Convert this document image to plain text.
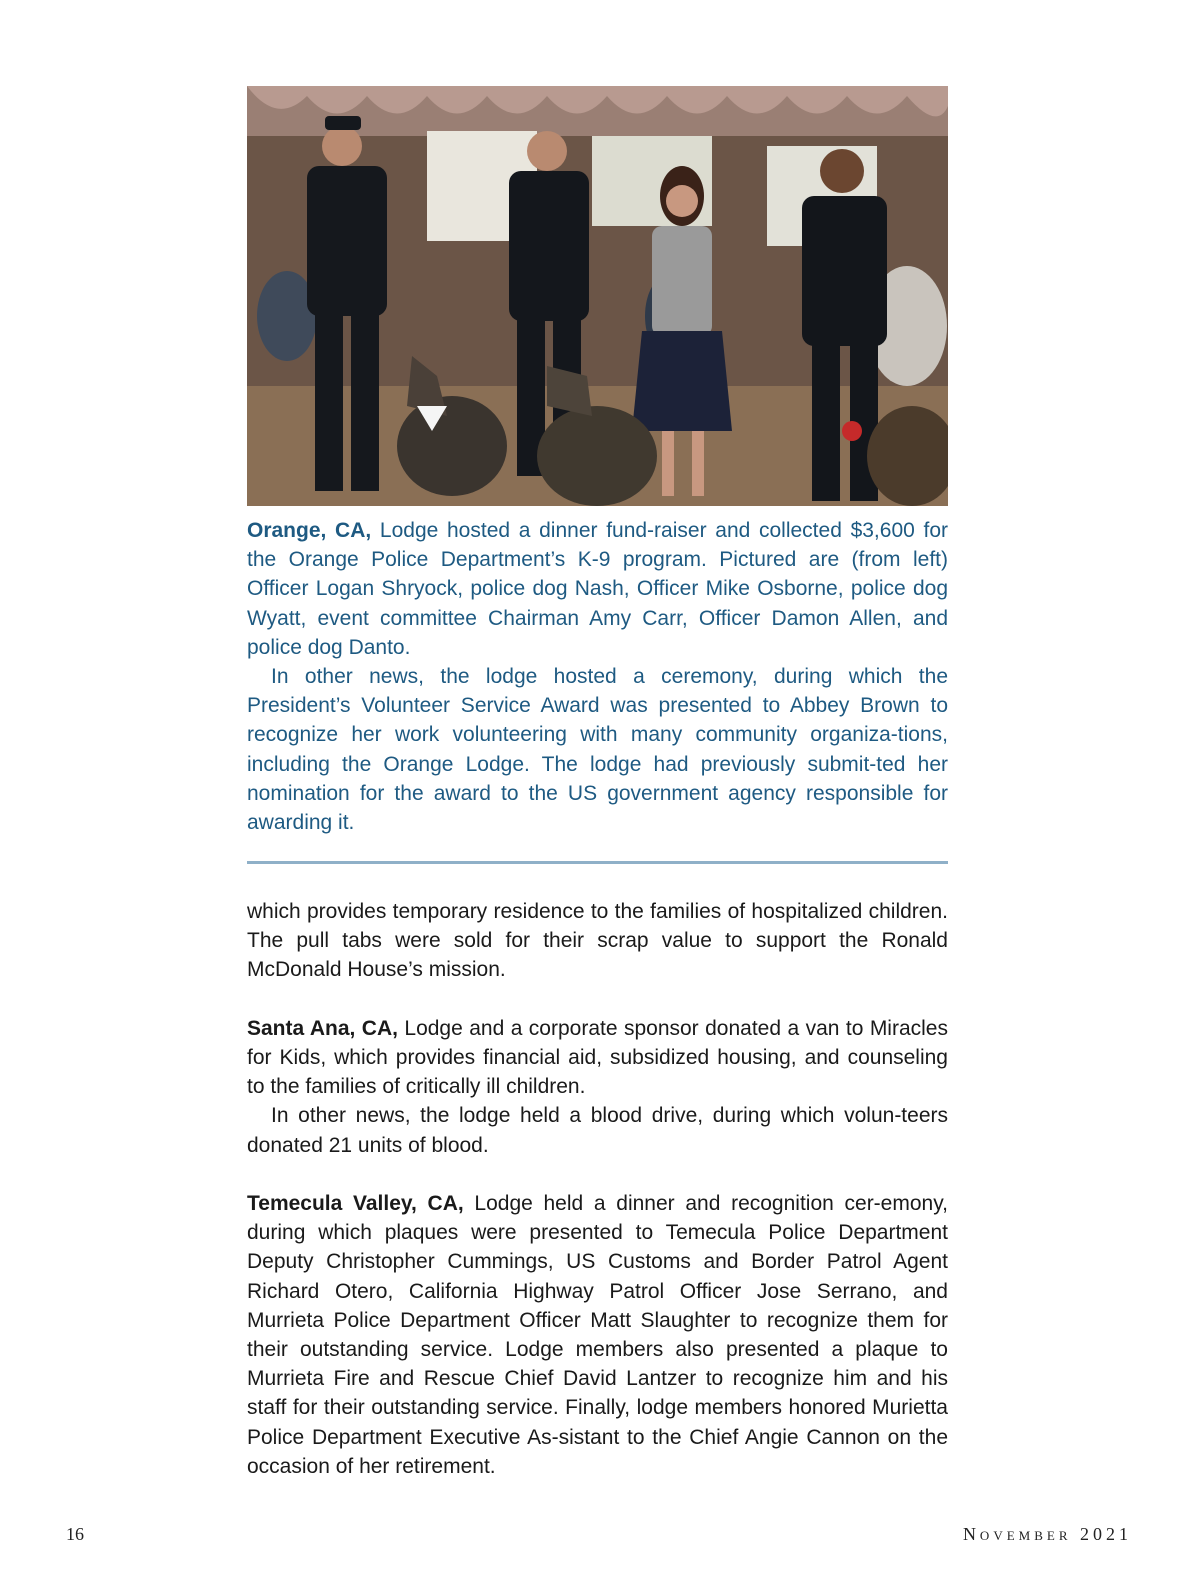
Orange, CA, Lodge hosted a dinner fund-raiser and collected $3,600 for the Orange Police Department’s K-9 program. Pictured are (from left) Officer Logan Shryock, police dog Nash, Officer Mike Osborne, police dog Wyatt, event committee Chairman Amy Carr, Officer Damon Allen, and police dog Danto.

In other news, the lodge hosted a ceremony, during which the President’s Volunteer Service Award was presented to Abbey Brown to recognize her work volunteering with many community organiza-tions, including the Orange Lodge. The lodge had previously submit-ted her nomination for the award to the US government agency responsible for awarding it.

which provides temporary residence to the families of hospitalized children. The pull tabs were sold for their scrap value to support the Ronald McDonald House’s mission.

Santa Ana, CA, Lodge and a corporate sponsor donated a van to Miracles for Kids, which provides financial aid, subsidized housing, and counseling to the families of critically ill children.

In other news, the lodge held a blood drive, during which volun-teers donated 21 units of blood.

Temecula Valley, CA, Lodge held a dinner and recognition cer-emony, during which plaques were presented to Temecula Police Department Deputy Christopher Cummings, US Customs and Border Patrol Agent Richard Otero, California Highway Patrol Officer Jose Serrano, and Murrieta Police Department Officer Matt Slaughter to recognize them for their outstanding service. Lodge members also presented a plaque to Murrieta Fire and Rescue Chief David Lantzer to recognize him and his staff for their outstanding service. Finally, lodge members honored Murietta Police Department Executive As-sistant to the Chief Angie Cannon on the occasion of her retirement.

16	November 2021
